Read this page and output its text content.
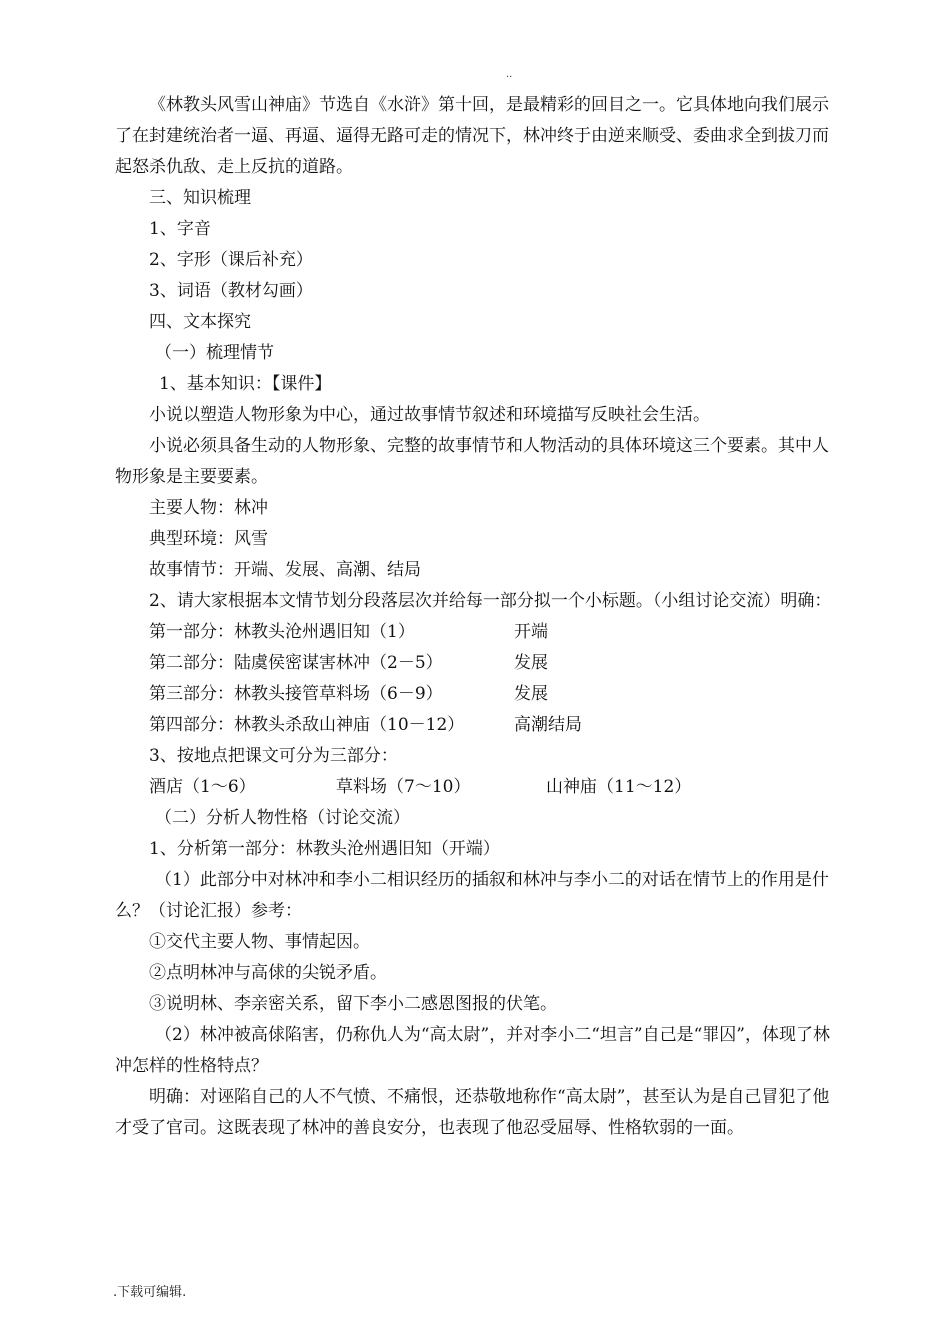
..

《林教头风雪山神庙》节选自《水浒》第十回，是最精彩的回目之一。它具体地向我们展示了在封建统治者一逼、再逼、逼得无路可走的情况下，林冲终于由逆来顺受、委曲求全到拔刀而起怒杀仇敌、走上反抗的道路。

三、知识梳理

1、字音

2、字形（课后补充）

3、词语（教材勾画）

四、文本探究

（一）梳理情节

1、基本知识：【课件】

小说以塑造人物形象为中心，通过故事情节叙述和环境描写反映社会生活。

小说必须具备生动的人物形象、完整的故事情节和人物活动的具体环境这三个要素。其中人物形象是主要要素。

主要人物：林冲

典型环境：风雪

故事情节：开端、发展、高潮、结局

2、请大家根据本文情节划分段落层次并给每一部分拟一个小标题。（小组讨论交流）明确：

第一部分：林教头沧州遇旧知（1）	开端
第二部分：陆虞侯密谋害林冲（2－5）	发展
第三部分：林教头接管草料场（6－9）	发展
第四部分：林教头杀敌山神庙（10－12）	高潮结局

3、按地点把课文可分为三部分：

酒店（1～6）	草料场（7～10）	山神庙（11～12）

（二）分析人物性格（讨论交流）

1、分析第一部分：林教头沧州遇旧知（开端）

（1）此部分中对林冲和李小二相识经历的插叙和林冲与李小二的对话在情节上的作用是什么？（讨论汇报）参考：

①交代主要人物、事情起因。

②点明林冲与高俅的尖锐矛盾。

③说明林、李亲密关系，留下李小二感恩图报的伏笔。

（2）林冲被高俅陷害，仍称仇人为“高太尉”，并对李小二“坦言”自己是“罪囚”，体现了林冲怎样的性格特点？

明确：对诬陷自己的人不气愤、不痛恨，还恭敬地称作“高太尉”，甚至认为是自己冒犯了他才受了官司。这既表现了林冲的善良安分，也表现了他忍受屈辱、性格软弱的一面。

.下载可编辑.
